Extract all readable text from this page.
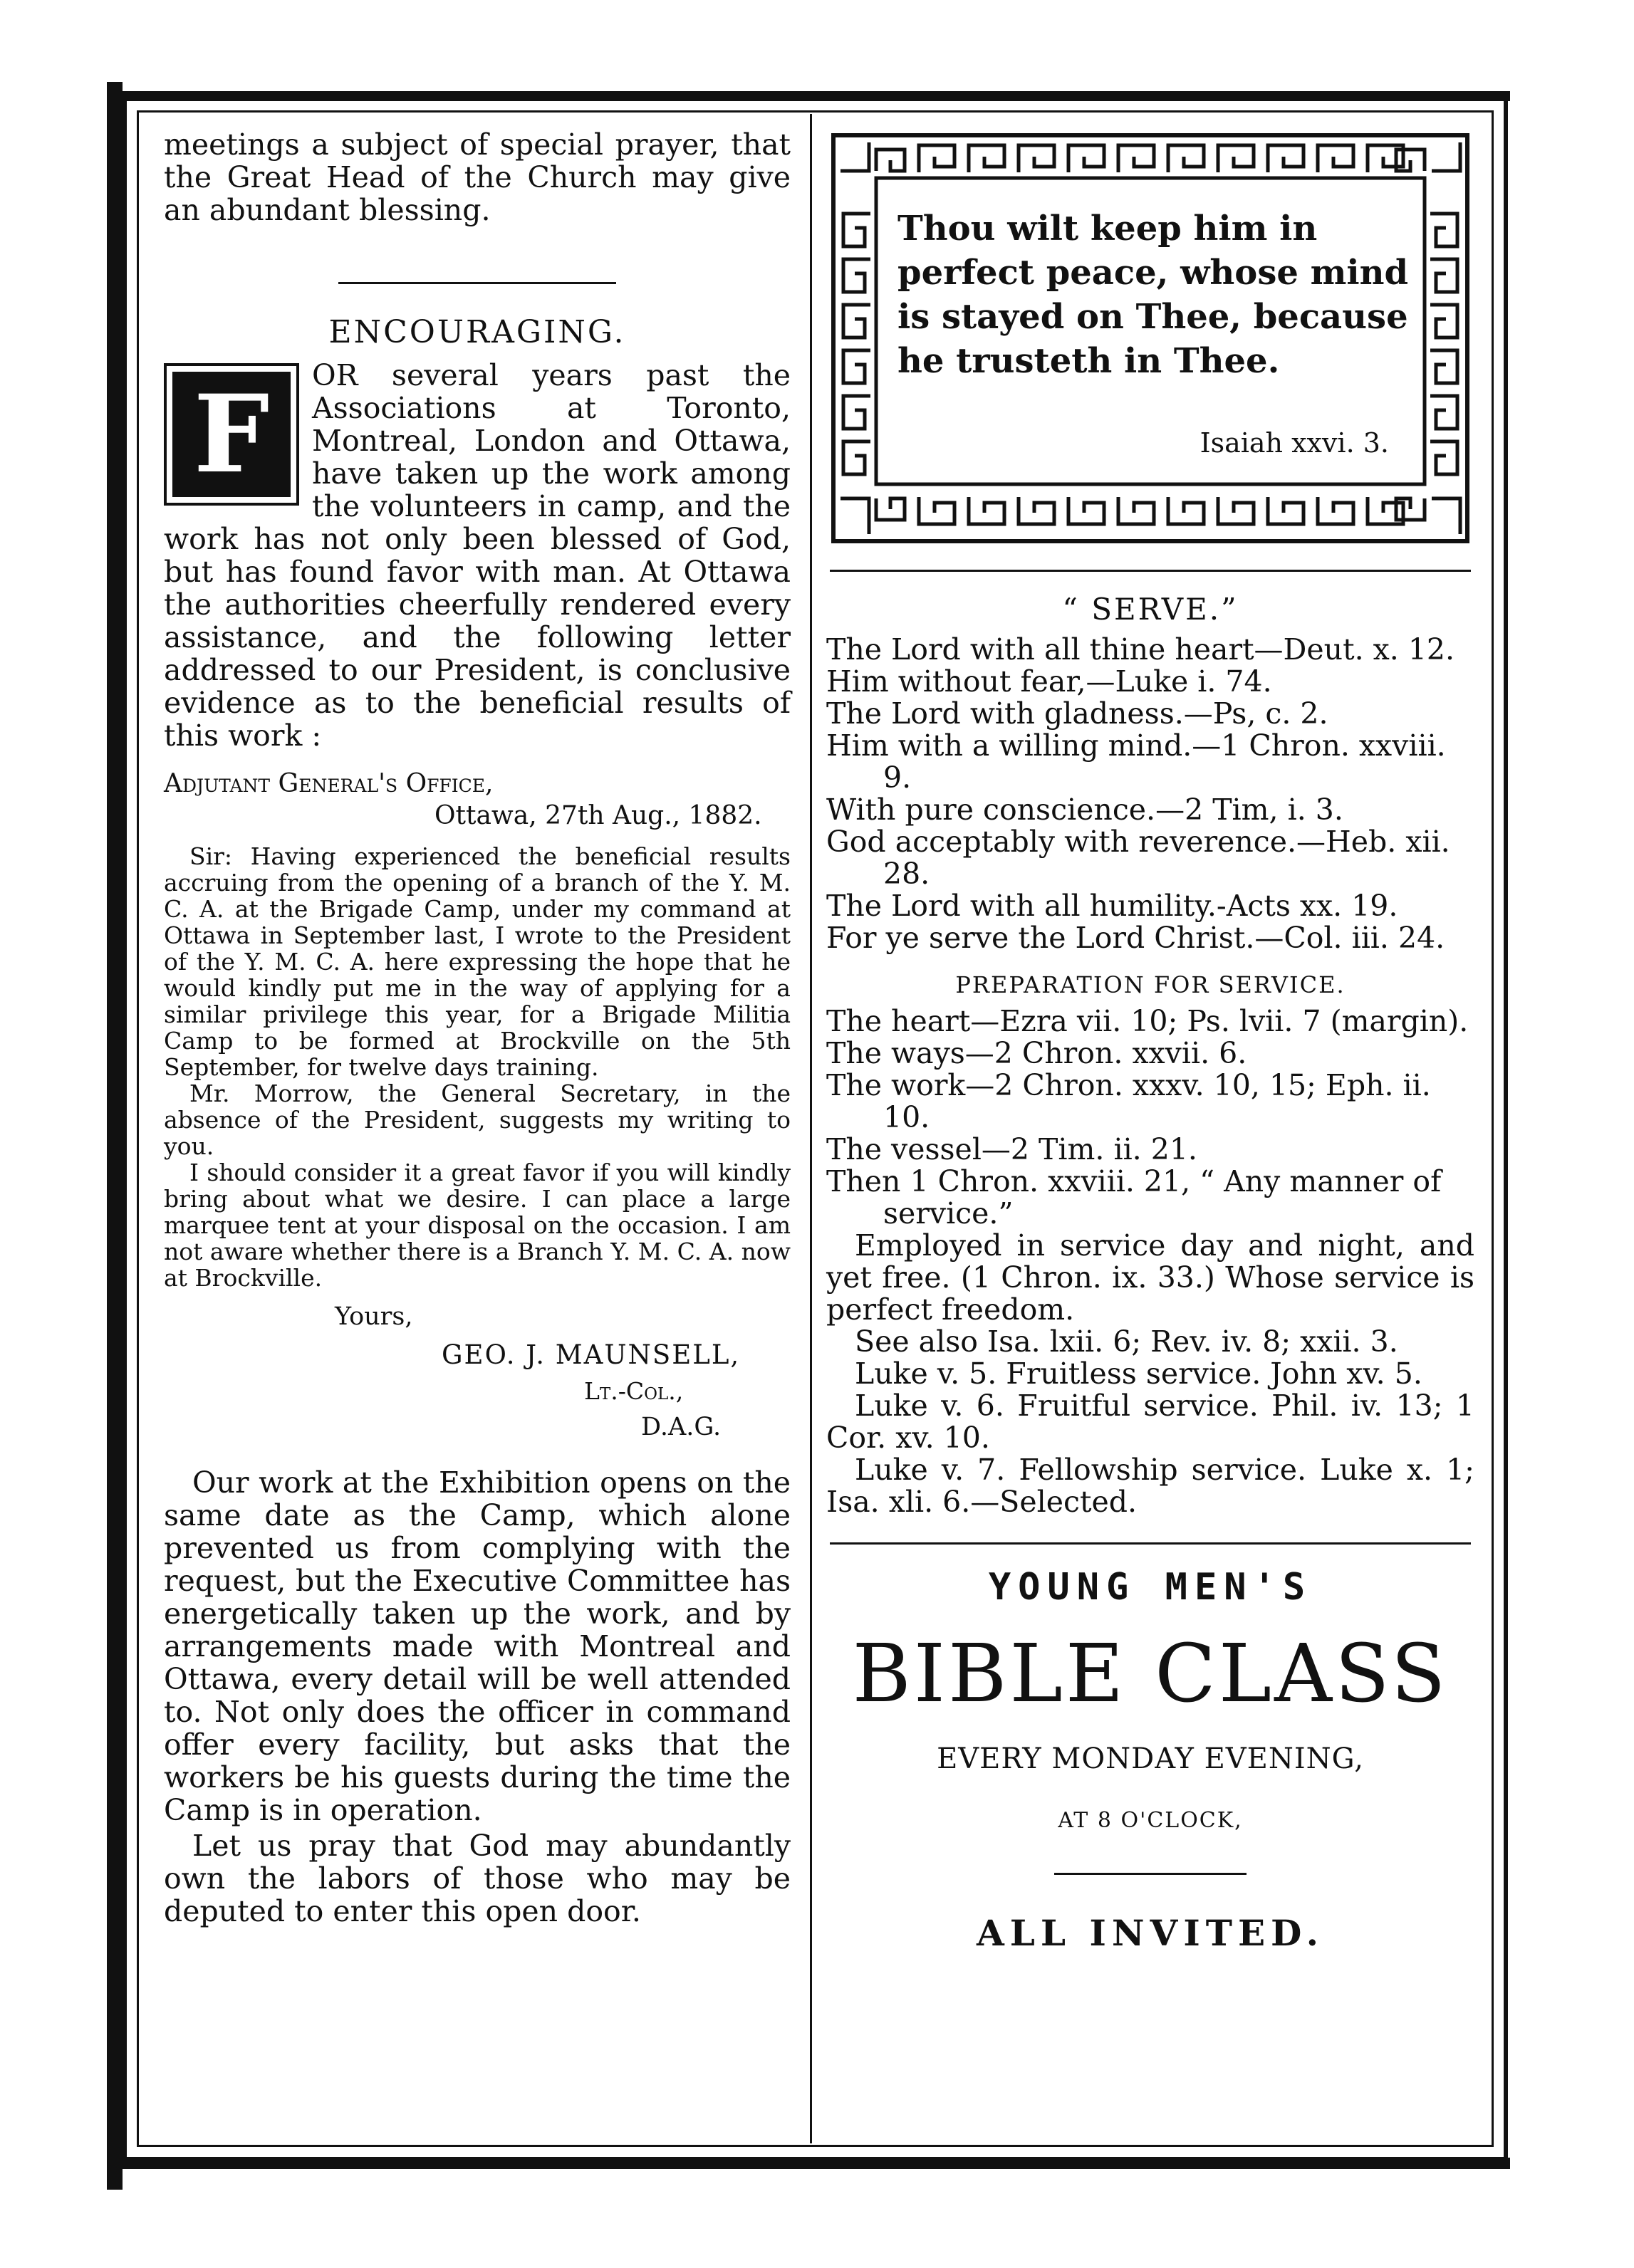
meetings a subject of special prayer, that the Great Head of the Church may give an abundant blessing.

ENCOURAGING.

F	OR several years past the Associations at Toronto, Montreal, London and Ottawa, have taken up the work among the volunteers in camp, and the work has not only been blessed of God, but has found favor with man. At Ottawa the authorities cheerfully rendered every assistance, and the following letter addressed to our President, is conclusive evidence as to the beneficial results of this work :

Adjutant General's Office,

Ottawa, 27th Aug., 1882.

Sir: Having experienced the beneficial results accruing from the opening of a branch of the Y. M. C. A. at the Brigade Camp, under my command at Ottawa in September last, I wrote to the President of the Y. M. C. A. here expressing the hope that he would kindly put me in the way of applying for a similar privilege this year, for a Brigade Militia Camp to be formed at Brockville on the 5th September, for twelve days training.

Mr. Morrow, the General Secretary, in the absence of the President, suggests my writing to you.

I should consider it a great favor if you will kindly bring about what we desire. I can place a large marquee tent at your disposal on the occasion. I am not aware whether there is a Branch Y. M. C. A. now at Brockville.

Yours,

GEO. J. MAUNSELL,

Lt.-Col.,

D.A.G.

Our work at the Exhibition opens on the same date as the Camp, which alone prevented us from complying with the request, but the Executive Committee has energetically taken up the work, and by arrangements made with Montreal and Ottawa, every detail will be well attended to. Not only does the officer in command offer every facility, but asks that the workers be his guests during the time the Camp is in operation.

Let us pray that God may abundantly own the labors of those who may be deputed to enter this open door.

Thou wilt keep him in perfect peace, whose mind is stayed on Thee, because he trusteth in Thee.

Isaiah xxvi. 3.

“ SERVE.”

The Lord with all thine heart—Deut. x. 12.

Him without fear,—Luke i. 74.

The Lord with gladness.—Ps, c. 2.

Him with a willing mind.—1 Chron. xxviii. 9.

With pure conscience.—2 Tim, i. 3.

God acceptably with reverence.—Heb. xii. 28.

The Lord with all humility.-Acts xx. 19.

For ye serve the Lord Christ.—Col. iii. 24.

PREPARATION FOR SERVICE.

The heart—Ezra vii. 10; Ps. lvii. 7 (margin).

The ways—2 Chron. xxvii. 6.

The work—2 Chron. xxxv. 10, 15; Eph. ii. 10.

The vessel—2 Tim. ii. 21.

Then 1 Chron. xxviii. 21, “ Any manner of service.”

Employed in service day and night, and yet free. (1 Chron. ix. 33.) Whose service is perfect freedom.

See also Isa. lxii. 6; Rev. iv. 8; xxii. 3.

Luke v. 5. Fruitless service. John xv. 5.

Luke v. 6. Fruitful service. Phil. iv. 13; 1 Cor. xv. 10.

Luke v. 7. Fellowship service. Luke x. 1; Isa. xli. 6.—Selected.

YOUNG MEN'S

BIBLE CLASS

EVERY MONDAY EVENING,

AT 8 O'CLOCK,

ALL INVITED.
